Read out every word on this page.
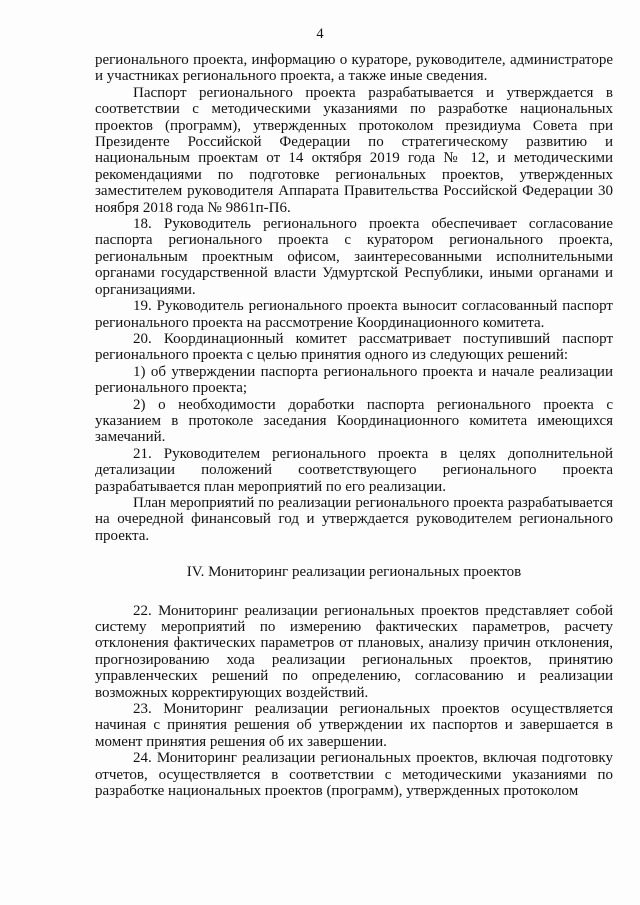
4

регионального проекта, информацию о кураторе, руководителе, администраторе и участниках регионального проекта, а также иные сведения.

Паспорт регионального проекта разрабатывается и утверждается в соответствии с методическими указаниями по разработке национальных проектов (программ), утвержденных протоколом президиума Совета при Президенте Российской Федерации по стратегическому развитию и национальным проектам от 14 октября 2019 года № 12, и методическими рекомендациями по подготовке региональных проектов, утвержденных заместителем руководителя Аппарата Правительства Российской Федерации 30 ноября 2018 года № 9861п-П6.

18. Руководитель регионального проекта обеспечивает согласование паспорта регионального проекта с куратором регионального проекта, региональным проектным офисом, заинтересованными исполнительными органами государственной власти Удмуртской Республики, иными органами и организациями.

19. Руководитель регионального проекта выносит согласованный паспорт регионального проекта на рассмотрение Координационного комитета.

20. Координационный комитет рассматривает поступивший паспорт регионального проекта с целью принятия одного из следующих решений:

1) об утверждении паспорта регионального проекта и начале реализации регионального проекта;

2) о необходимости доработки паспорта регионального проекта с указанием в протоколе заседания Координационного комитета имеющихся замечаний.

21. Руководителем регионального проекта в целях дополнительной детализации положений соответствующего регионального проекта разрабатывается план мероприятий по его реализации.

План мероприятий по реализации регионального проекта разрабатывается на очередной финансовый год и утверждается руководителем регионального проекта.

IV. Мониторинг реализации региональных проектов

22. Мониторинг реализации региональных проектов представляет собой систему мероприятий по измерению фактических параметров, расчету отклонения фактических параметров от плановых, анализу причин отклонения, прогнозированию хода реализации региональных проектов, принятию управленческих решений по определению, согласованию и реализации возможных корректирующих воздействий.

23. Мониторинг реализации региональных проектов осуществляется начиная с принятия решения об утверждении их паспортов и завершается в момент принятия решения об их завершении.

24. Мониторинг реализации региональных проектов, включая подготовку отчетов, осуществляется в соответствии с методическими указаниями по разработке национальных проектов (программ), утвержденных протоколом
